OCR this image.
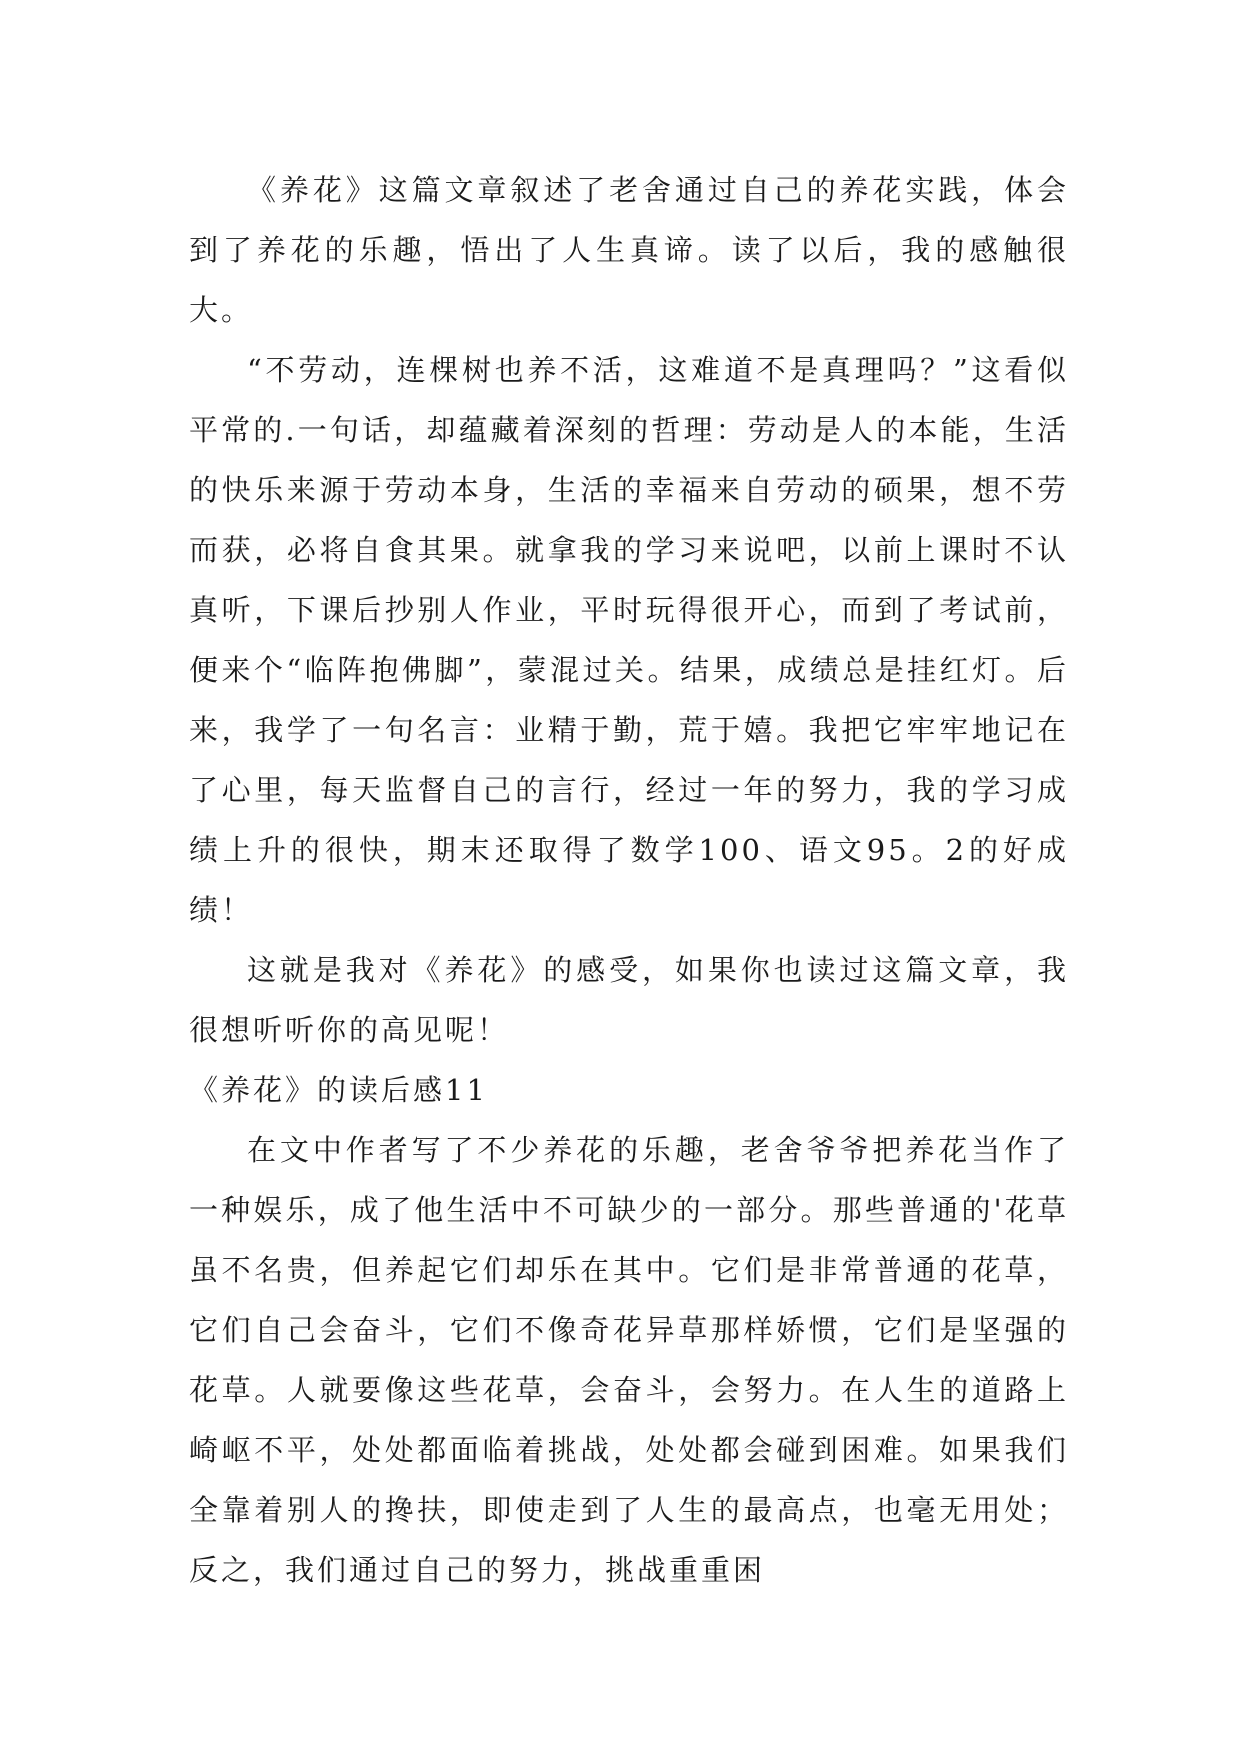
《养花》这篇文章叙述了老舍通过自己的养花实践，体会到了养花的乐趣，悟出了人生真谛。读了以后，我的感触很大。

“不劳动，连棵树也养不活，这难道不是真理吗？”这看似平常的.一句话，却蕴藏着深刻的哲理：劳动是人的本能，生活的快乐来源于劳动本身，生活的幸福来自劳动的硕果，想不劳而获，必将自食其果。就拿我的学习来说吧，以前上课时不认真听，下课后抄别人作业，平时玩得很开心，而到了考试前，便来个“临阵抱佛脚”，蒙混过关。结果，成绩总是挂红灯。后来，我学了一句名言：业精于勤，荒于嬉。我把它牢牢地记在了心里，每天监督自己的言行，经过一年的努力，我的学习成绩上升的很快，期末还取得了数学100、语文95。2的好成绩！

这就是我对《养花》的感受，如果你也读过这篇文章，我很想听听你的高见呢！

《养花》的读后感11

在文中作者写了不少养花的乐趣，老舍爷爷把养花当作了一种娱乐，成了他生活中不可缺少的一部分。那些普通的'花草虽不名贵，但养起它们却乐在其中。它们是非常普通的花草，它们自己会奋斗，它们不像奇花异草那样娇惯，它们是坚强的花草。人就要像这些花草，会奋斗，会努力。在人生的道路上崎岖不平，处处都面临着挑战，处处都会碰到困难。如果我们全靠着别人的搀扶，即使走到了人生的最高点，也毫无用处；反之，我们通过自己的努力，挑战重重困
